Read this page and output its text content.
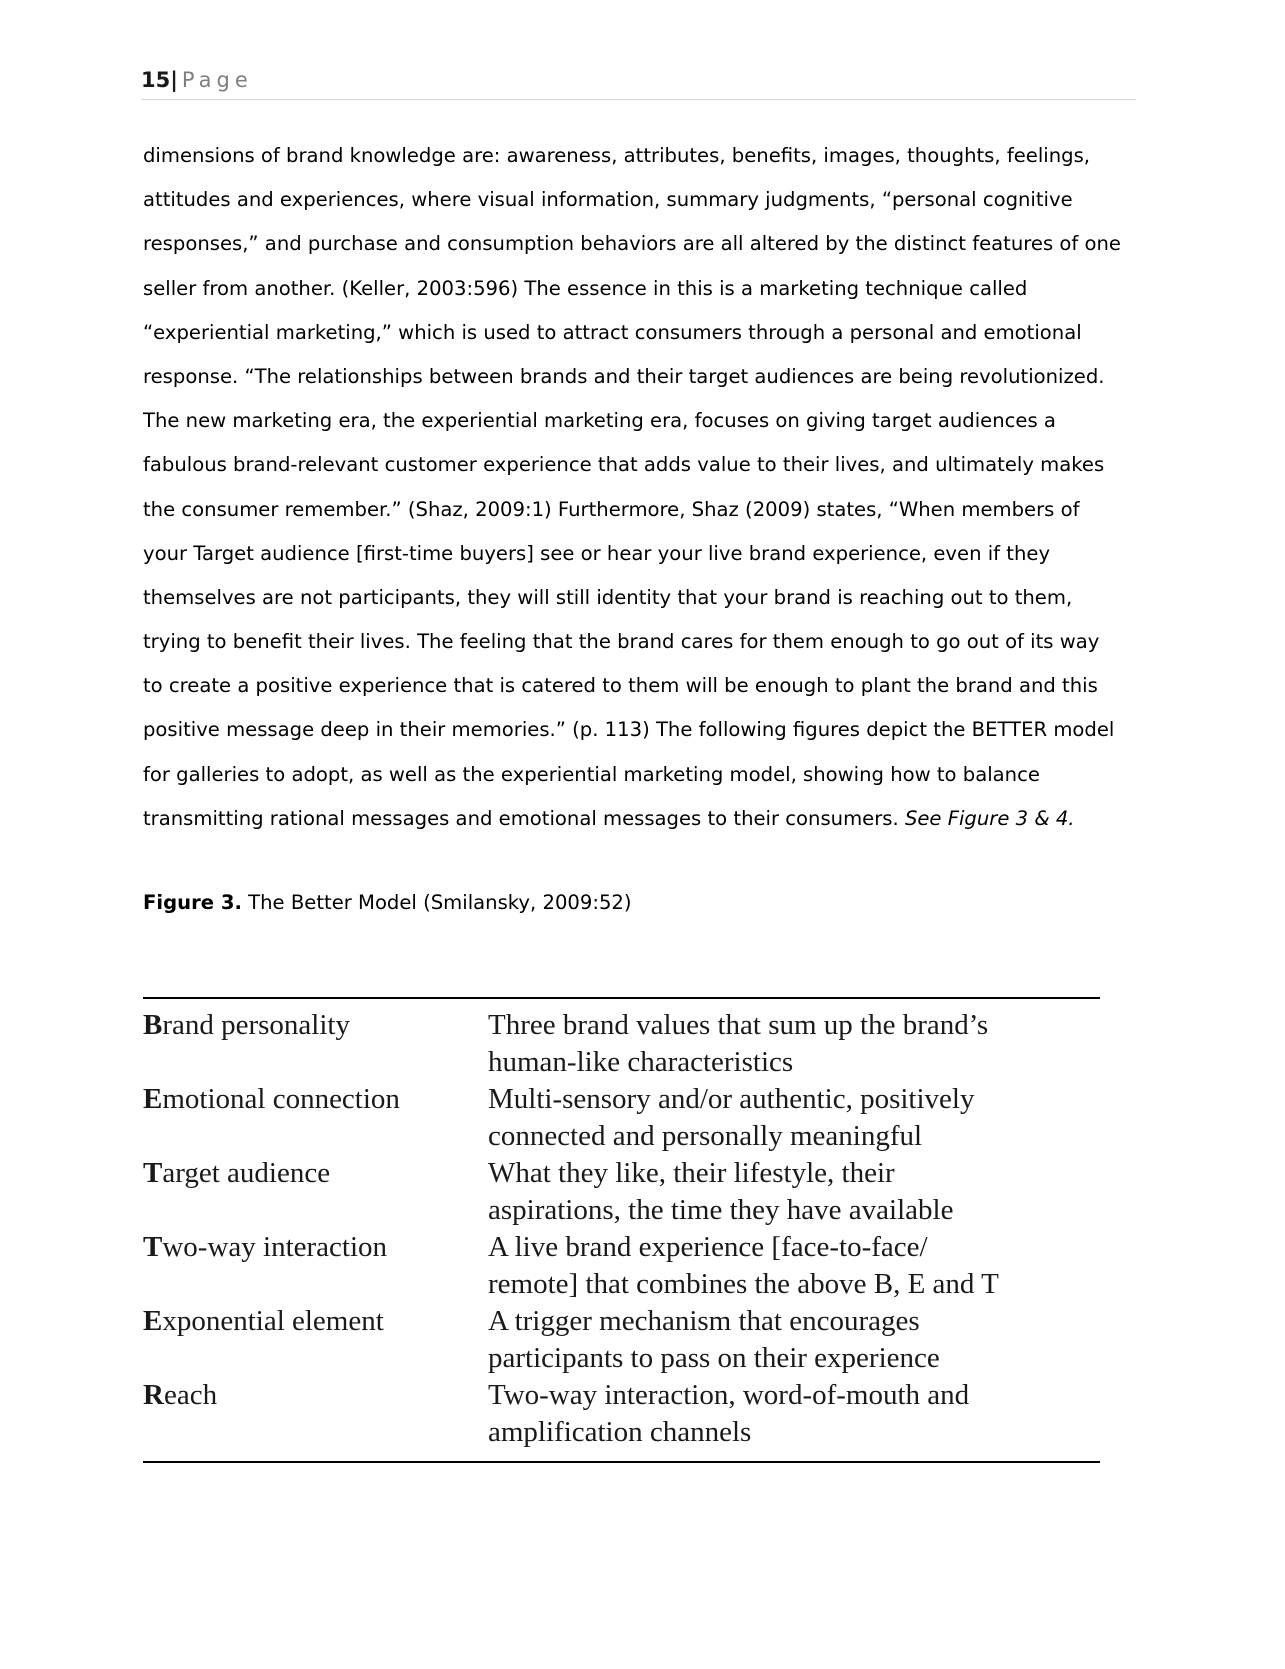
15| Page
dimensions of brand knowledge are: awareness, attributes, benefits, images, thoughts, feelings,
attitudes and experiences, where visual information, summary judgments, “personal cognitive
responses,” and purchase and consumption behaviors are all altered by the distinct features of one
seller from another. (Keller, 2003:596) The essence in this is a marketing technique called
“experiential marketing,” which is used to attract consumers through a personal and emotional
response. “The relationships between brands and their target audiences are being revolutionized.
The new marketing era, the experiential marketing era, focuses on giving target audiences a
fabulous brand-relevant customer experience that adds value to their lives, and ultimately makes
the consumer remember.” (Shaz, 2009:1) Furthermore, Shaz (2009) states, “When members of
your Target audience [first-time buyers] see or hear your live brand experience, even if they
themselves are not participants, they will still identity that your brand is reaching out to them,
trying to benefit their lives. The feeling that the brand cares for them enough to go out of its way
to create a positive experience that is catered to them will be enough to plant the brand and this
positive message deep in their memories.” (p. 113) The following figures depict the BETTER model
for galleries to adopt, as well as the experiential marketing model, showing how to balance
transmitting rational messages and emotional messages to their consumers. See Figure 3 & 4.
Figure 3. The Better Model (Smilansky, 2009:52)
Brand personality	Three brand values that sum up the brand’s
human-like characteristics
Emotional connection	Multi-sensory and/or authentic, positively
connected and personally meaningful
Target audience	What they like, their lifestyle, their
aspirations, the time they have available
Two-way interaction	A live brand experience [face-to-face/
remote] that combines the above B, E and T
Exponential element	A trigger mechanism that encourages
participants to pass on their experience
Reach	Two-way interaction, word-of-mouth and
amplification channels
